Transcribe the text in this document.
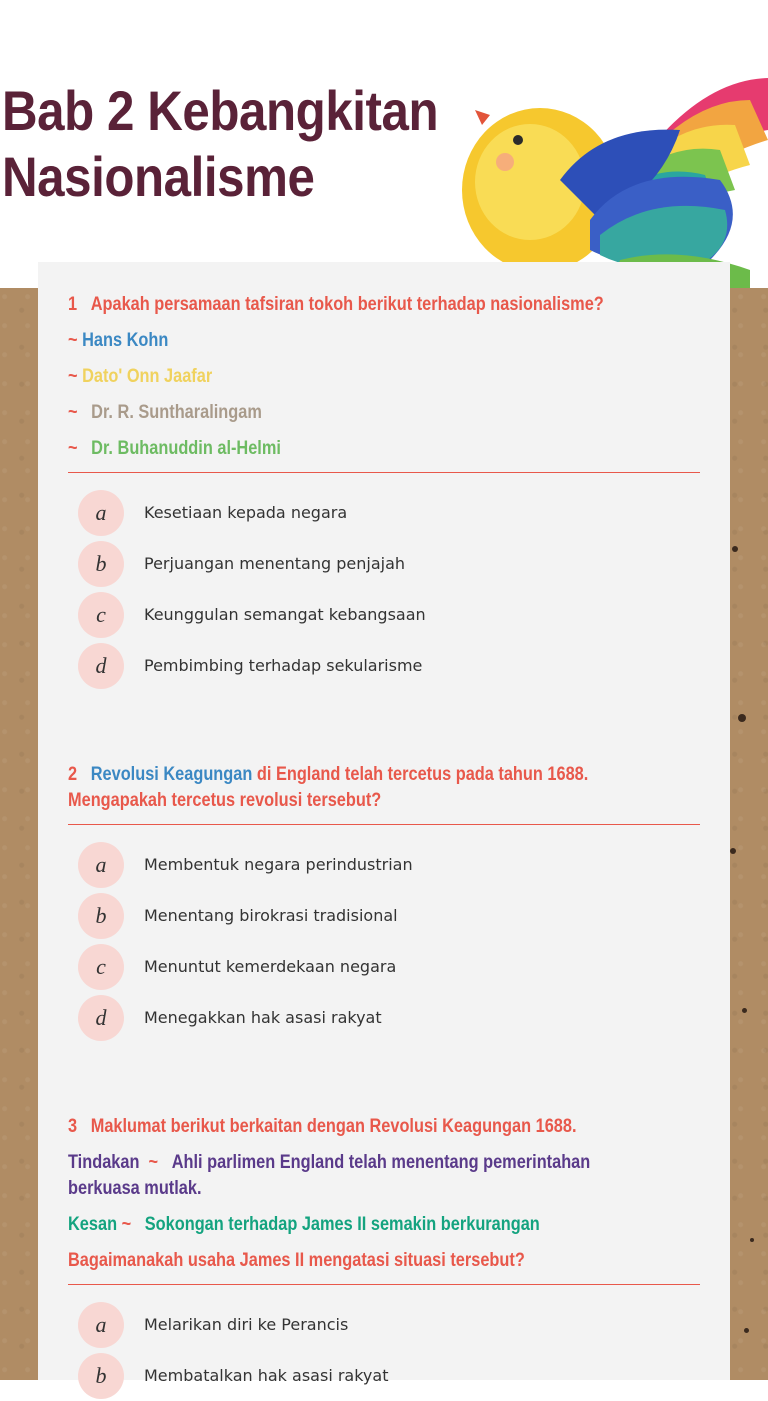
Bab 2 Kebangkitan
Nasionalisme

1 Apakah persamaan tafsiran tokoh berikut terhadap nasionalisme?

~ Hans Kohn

~ Dato' Onn Jaafar

~ Dr. R. Suntharalingam

~ Dr. Buhanuddin al-Helmi

a	Kesetiaan kepada negara
b	Perjuangan menentang penjajah
c	Keunggulan semangat kebangsaan
d	Pembimbing terhadap sekularisme

2 Revolusi Keagungan di England telah tercetus pada tahun 1688.

Mengapakah tercetus revolusi tersebut?

a	Membentuk negara perindustrian
b	Menentang birokrasi tradisional
c	Menuntut kemerdekaan negara
d	Menegakkan hak asasi rakyat

3 Maklumat berikut berkaitan dengan Revolusi Keagungan 1688.

Tindakan ~ Ahli parlimen England telah menentang pemerintahan

berkuasa mutlak.

Kesan ~ Sokongan terhadap James II semakin berkurangan

Bagaimanakah usaha James II mengatasi situasi tersebut?

a	Melarikan diri ke Perancis
b	Membatalkan hak asasi rakyat
